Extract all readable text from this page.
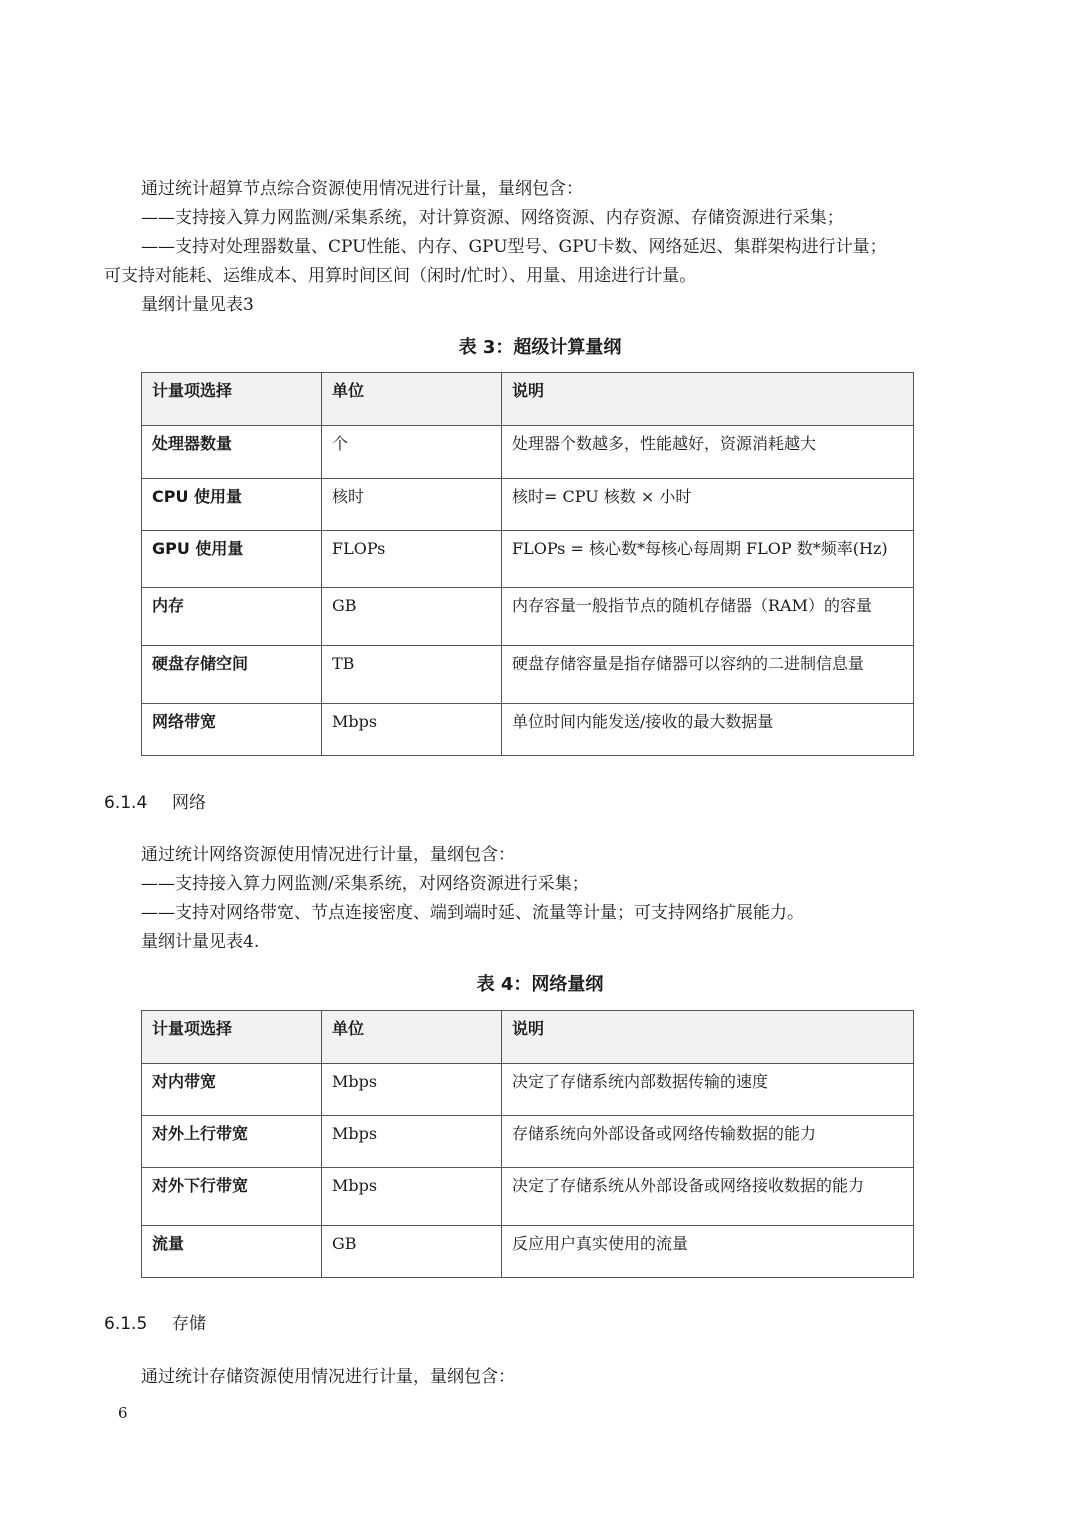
通过统计超算节点综合资源使用情况进行计量，量纲包含：
——支持接入算力网监测/采集系统，对计算资源、网络资源、内存资源、存储资源进行采集；
——支持对处理器数量、CPU性能、内存、GPU型号、GPU卡数、网络延迟、集群架构进行计量；
可支持对能耗、运维成本、用算时间区间（闲时/忙时）、用量、用途进行计量。
量纲计量见表3
表 3：超级计算量纲
计量项选择	单位	说明
处理器数量	个	处理器个数越多，性能越好，资源消耗越大
CPU 使用量	核时	核时= CPU 核数 × 小时
GPU 使用量	FLOPs	FLOPs = 核心数*每核心每周期 FLOP 数*频率(Hz)
内存	GB	内存容量一般指节点的随机存储器（RAM）的容量
硬盘存储空间	TB	硬盘存储容量是指存储器可以容纳的二进制信息量
网络带宽	Mbps	单位时间内能发送/接收的最大数据量
6.1.4 网络
通过统计网络资源使用情况进行计量，量纲包含：
——支持接入算力网监测/采集系统，对网络资源进行采集；
——支持对网络带宽、节点连接密度、端到端时延、流量等计量；可支持网络扩展能力。
量纲计量见表4.
表 4：网络量纲
计量项选择	单位	说明
对内带宽	Mbps	决定了存储系统内部数据传输的速度
对外上行带宽	Mbps	存储系统向外部设备或网络传输数据的能力
对外下行带宽	Mbps	决定了存储系统从外部设备或网络接收数据的能力
流量	GB	反应用户真实使用的流量
6.1.5 存储
通过统计存储资源使用情况进行计量，量纲包含：
6
